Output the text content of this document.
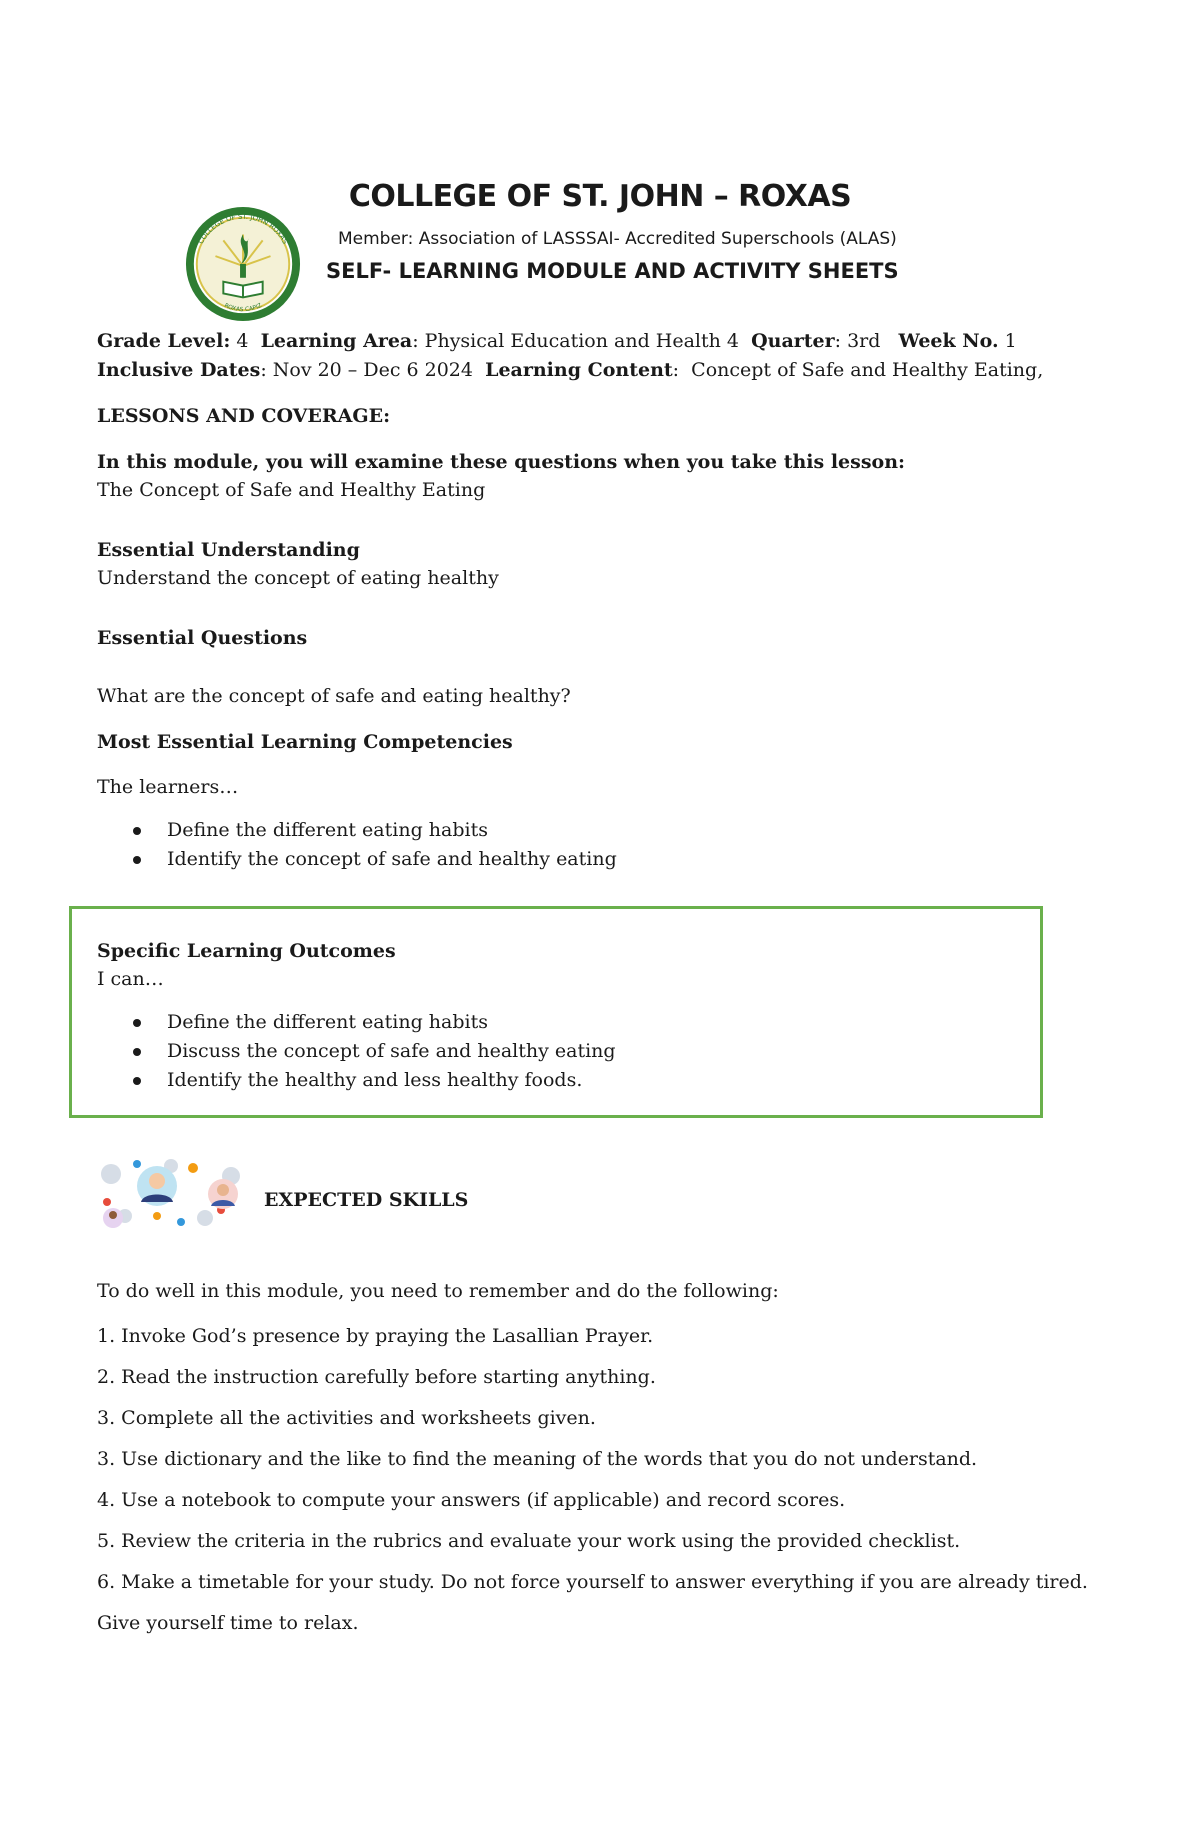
COLLEGE OF ST. JOHN – ROXAS
COLLEGE OF ST. JOHN ROXAS
ROXAS CAPIZ
Member: Association of LASSSAI- Accredited Superschools (ALAS)
SELF- LEARNING MODULE AND ACTIVITY SHEETS
Grade Level: 4  Learning Area: Physical Education and Health 4  Quarter: 3rd   Week No. 1
Inclusive Dates: Nov 20 – Dec 6 2024  Learning Content:  Concept of Safe and Healthy Eating,
LESSONS AND COVERAGE:
In this module, you will examine these questions when you take this lesson:
The Concept of Safe and Healthy Eating
Essential Understanding
Understand the concept of eating healthy
Essential Questions
What are the concept of safe and eating healthy?
Most Essential Learning Competencies
The learners…
Define the different eating habits
Identify the concept of safe and healthy eating
Specific Learning Outcomes
I can…
Define the different eating habits
Discuss the concept of safe and healthy eating
Identify the healthy and less healthy foods.
EXPECTED SKILLS
To do well in this module, you need to remember and do the following:
1. Invoke God’s presence by praying the Lasallian Prayer.
2. Read the instruction carefully before starting anything.
3. Complete all the activities and worksheets given.
3. Use dictionary and the like to find the meaning of the words that you do not understand.
4. Use a notebook to compute your answers (if applicable) and record scores.
5. Review the criteria in the rubrics and evaluate your work using the provided checklist.
6. Make a timetable for your study. Do not force yourself to answer everything if you are already tired.
Give yourself time to relax.
